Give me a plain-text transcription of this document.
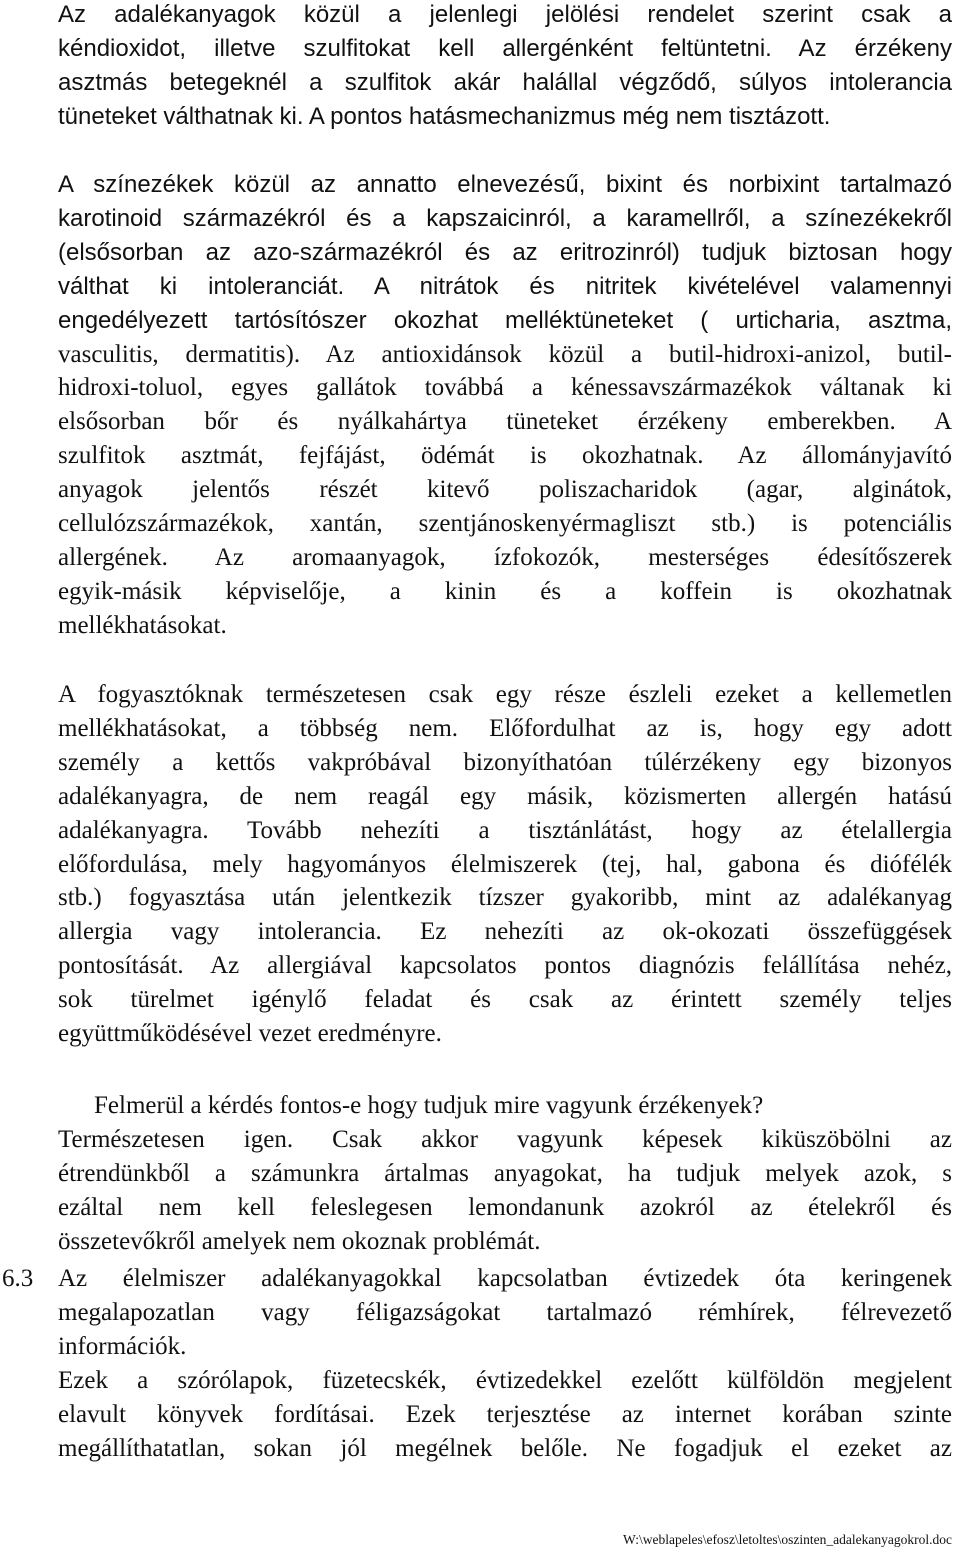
Az adalékanyagok közül a jelenlegi jelölési rendelet szerint csak a
kéndioxidot, illetve szulfitokat kell allergénként feltüntetni. Az érzékeny
asztmás betegeknél a szulfitok akár halállal végződő, súlyos intolerancia
tüneteket válthatnak ki. A pontos hatásmechanizmus még nem tisztázott.
A színezékek közül az annatto elnevezésű, bixint és norbixint tartalmazó
karotinoid származékról és a kapszaicinról, a karamellről, a színezékekről
(elsősorban az azo-származékról és az eritrozinról) tudjuk biztosan hogy
válthat ki intoleranciát. A nitrátok és nitritek kivételével valamennyi
engedélyezett tartósítószer okozhat melléktüneteket ( urticharia, asztma,
vasculitis, dermatitis). Az antioxidánsok közül a butil-hidroxi-anizol, butil-
hidroxi-toluol, egyes gallátok továbbá a kénessavszármazékok váltanak ki
elsősorban bőr és nyálkahártya tüneteket érzékeny emberekben. A
szulfitok asztmát, fejfájást, ödémát is okozhatnak. Az állományjavító
anyagok jelentős részét kitevő poliszacharidok (agar, alginátok,
cellulózszármazékok, xantán, szentjánoskenyérmagliszt stb.) is potenciális
allergének. Az aromaanyagok, ízfokozók, mesterséges édesítőszerek
egyik-másik képviselője, a kinin és a koffein is okozhatnak
mellékhatásokat.
A fogyasztóknak természetesen csak egy része észleli ezeket a kellemetlen
mellékhatásokat, a többség nem. Előfordulhat az is, hogy egy adott
személy a kettős vakpróbával bizonyíthatóan túlérzékeny egy bizonyos
adalékanyagra, de nem reagál egy másik, közismerten allergén hatású
adalékanyagra. Tovább nehezíti a tisztánlátást, hogy az ételallergia
előfordulása, mely hagyományos élelmiszerek (tej, hal, gabona és diófélék
stb.) fogyasztása után jelentkezik tízszer gyakoribb, mint az adalékanyag
allergia vagy intolerancia. Ez nehezíti az ok-okozati összefüggések
pontosítását. Az allergiával kapcsolatos pontos diagnózis felállítása nehéz,
sok türelmet igénylő feladat és csak az érintett személy teljes
együttműködésével vezet eredményre.
Felmerül a kérdés fontos-e hogy tudjuk mire vagyunk érzékenyek?
Természetesen igen. Csak akkor vagyunk képesek kiküszöbölni az
étrendünkből a számunkra ártalmas anyagokat, ha tudjuk melyek azok, s
ezáltal nem kell feleslegesen lemondanunk azokról az ételekről és
összetevőkről amelyek nem okoznak problémát.
6.3 Az élelmiszer adalékanyagokkal kapcsolatban évtizedek óta keringenek
megalapozatlan vagy féligazságokat tartalmazó rémhírek, félrevezető
információk.
Ezek a szórólapok, füzetecskék, évtizedekkel ezelőtt külföldön megjelent
elavult könyvek fordításai. Ezek terjesztése az internet korában szinte
megállíthatatlan, sokan jól megélnek belőle. Ne fogadjuk el ezeket az
W:\weblapeles\efosz\letoltes\oszinten_adalekanyagokrol.doc
